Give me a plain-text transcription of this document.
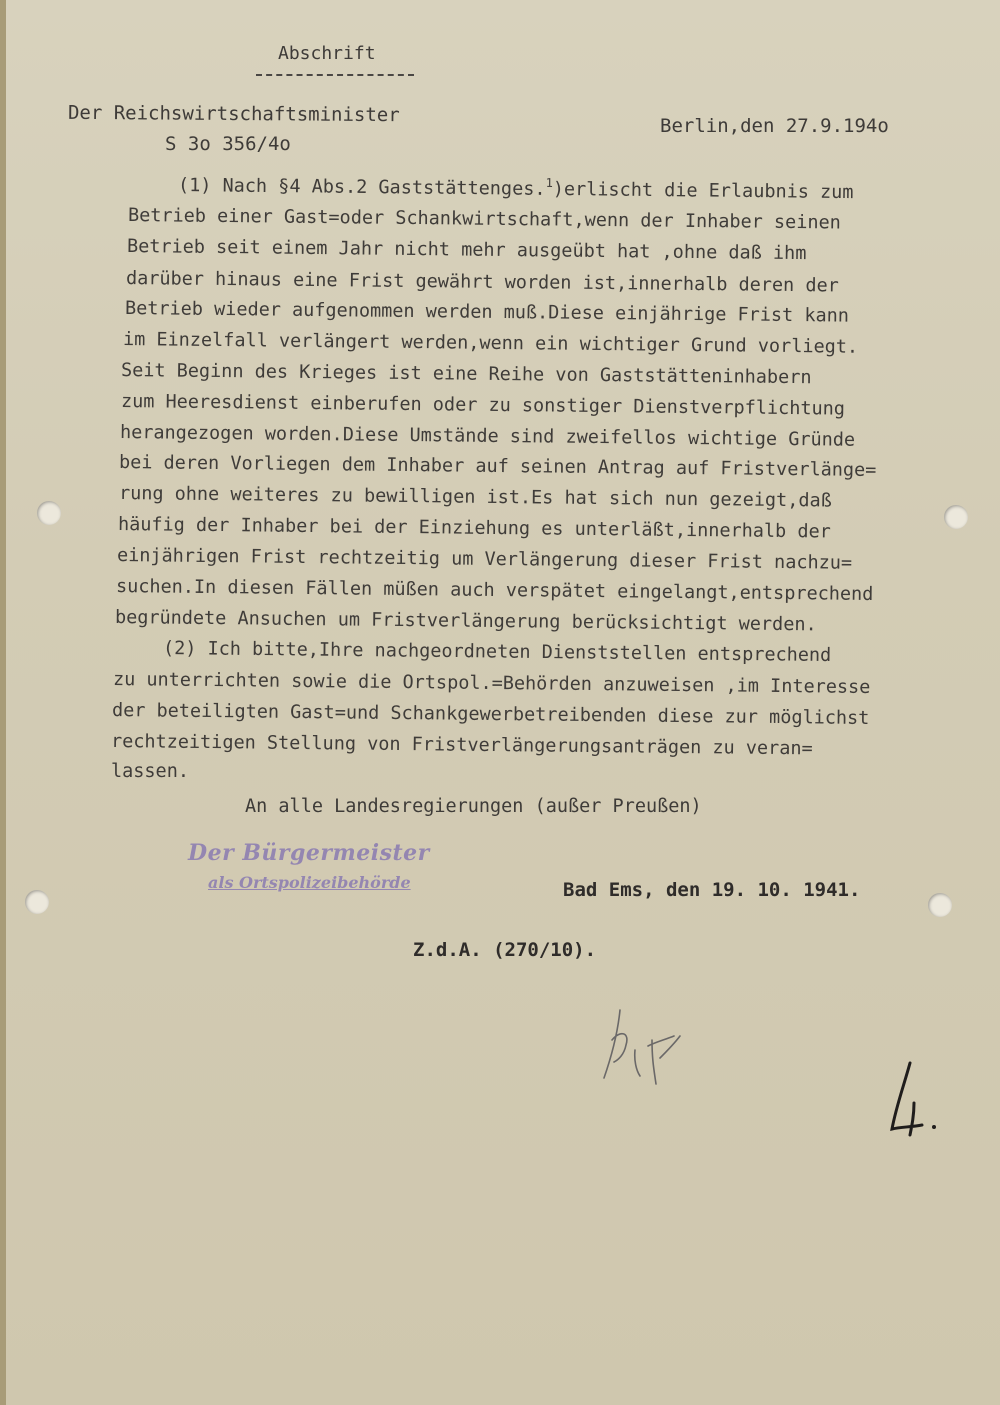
Abschrift
Der Reichswirtschaftsminister
S 3o 356/4o
Berlin,den 27.9.194o
(1) Nach §4 Abs.2 Gaststättenges.$^1$)erlischt die Erlaubnis zum
Betrieb einer Gast=oder Schankwirtschaft,wenn der Inhaber seinen
Betrieb seit einem Jahr nicht mehr ausgeübt hat ,ohne daß ihm
darüber hinaus eine Frist gewährt worden ist,innerhalb deren der
Betrieb wieder aufgenommen werden muß.Diese einjährige Frist kann
im Einzelfall verlängert werden,wenn ein wichtiger Grund vorliegt.
Seit Beginn des Krieges ist eine Reihe von Gaststätteninhabern
zum Heeresdienst einberufen oder zu sonstiger Dienstverpflichtung
herangezogen worden.Diese Umstände sind zweifellos wichtige Gründe
bei deren Vorliegen dem Inhaber auf seinen Antrag auf Fristverlänge=
rung ohne weiteres zu bewilligen ist.Es hat sich nun gezeigt,daß
häufig der Inhaber bei der Einziehung es unterläßt,innerhalb der
einjährigen Frist rechtzeitig um Verlängerung dieser Frist nachzu=
suchen.In diesen Fällen müßen auch verspätet eingelangt,entsprechend
begründete Ansuchen um Fristverlängerung berücksichtigt werden.
(2) Ich bitte,Ihre nachgeordneten Dienststellen entsprechend
zu unterrichten sowie die Ortspol.=Behörden anzuweisen ,im Interesse
der beteiligten Gast=und Schankgewerbetreibenden diese zur möglichst
rechtzeitigen Stellung von Fristverlängerungsanträgen zu veran=
lassen.
An alle Landesregierungen (außer Preußen)
Der Bürgermeister
als Ortspolizeibehörde	Bad Ems, den 19. 10. 1941.
Z.d.A. (270/10).
